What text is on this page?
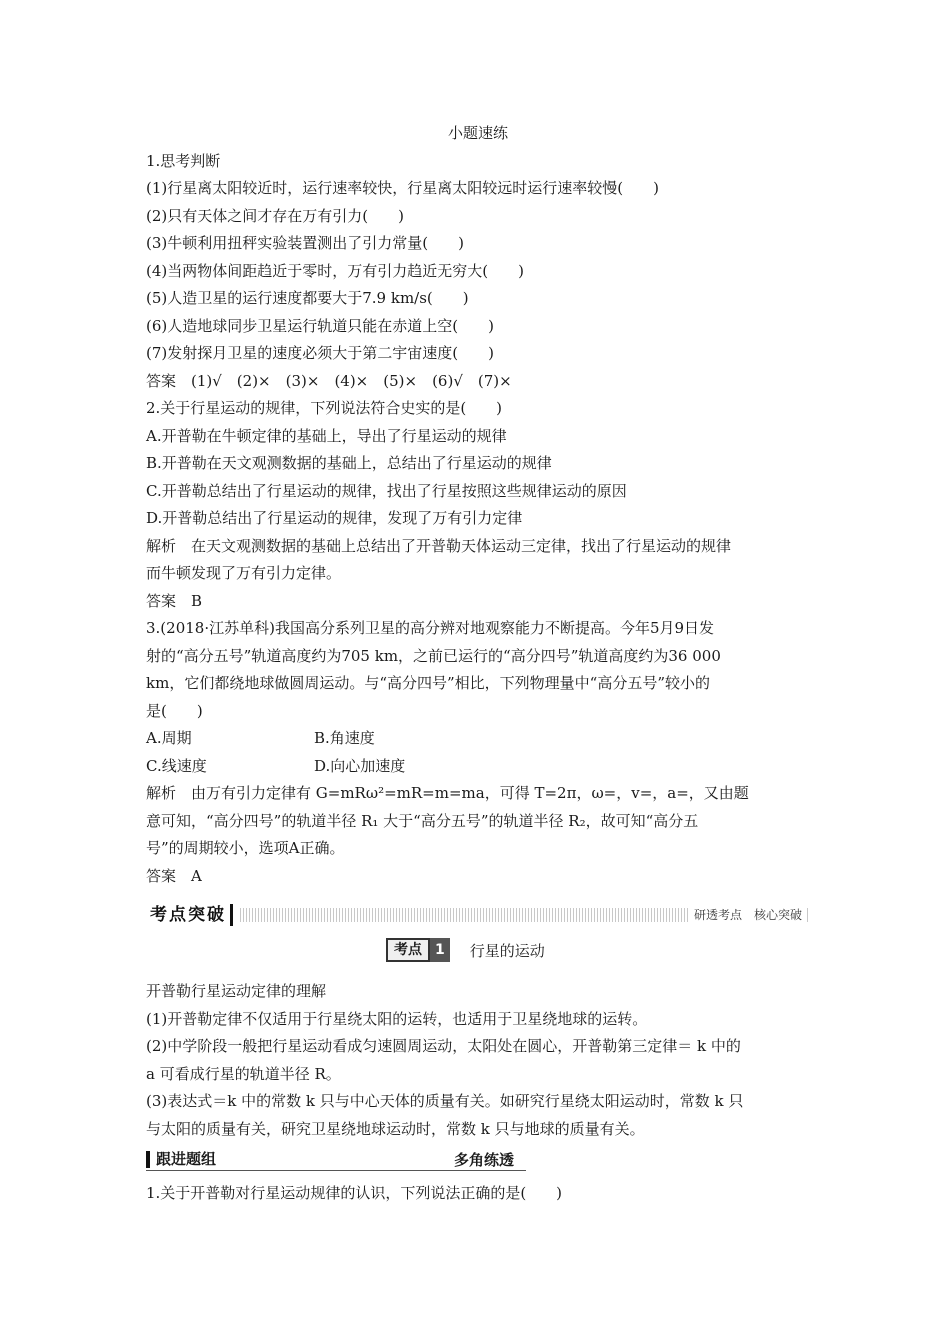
小题速练
1.思考判断
(1)行星离太阳较近时，运行速率较快，行星离太阳较远时运行速率较慢(　　)
(2)只有天体之间才存在万有引力(　　)
(3)牛顿利用扭秤实验装置测出了引力常量(　　)
(4)当两物体间距趋近于零时，万有引力趋近无穷大(　　)
(5)人造卫星的运行速度都要大于7.9 km/s(　　)
(6)人造地球同步卫星运行轨道只能在赤道上空(　　)
(7)发射探月卫星的速度必须大于第二宇宙速度(　　)
答案　(1)√　(2)×　(3)×　(4)×　(5)×　(6)√　(7)×
2.关于行星运动的规律，下列说法符合史实的是(　　)
A.开普勒在牛顿定律的基础上，导出了行星运动的规律
B.开普勒在天文观测数据的基础上，总结出了行星运动的规律
C.开普勒总结出了行星运动的规律，找出了行星按照这些规律运动的原因
D.开普勒总结出了行星运动的规律，发现了万有引力定律
解析　在天文观测数据的基础上总结出了开普勒天体运动三定律，找出了行星运动的规律
而牛顿发现了万有引力定律。
答案　B
3.(2018·江苏单科)我国高分系列卫星的高分辨对地观察能力不断提高。今年5月9日发
射的“高分五号”轨道高度约为705 km，之前已运行的“高分四号”轨道高度约为36 000
km，它们都绕地球做圆周运动。与“高分四号”相比，下列物理量中“高分五号”较小的
是(　　)
A.周期	B.角速度
C.线速度	D.向心加速度
解析　由万有引力定律有 G=mRω²=mR=m=ma，可得 T=2π，ω=，v=，a=，又由题
意可知，“高分四号”的轨道半径 R₁ 大于“高分五号”的轨道半径 R₂，故可知“高分五
号”的周期较小，选项A正确。
答案　A
考点突破	研透考点　核心突破
考点 1	行星的运动
开普勒行星运动定律的理解
(1)开普勒定律不仅适用于行星绕太阳的运转，也适用于卫星绕地球的运转。
(2)中学阶段一般把行星运动看成匀速圆周运动，太阳处在圆心，开普勒第三定律＝ k 中的
a 可看成行星的轨道半径 R。
(3)表达式＝k 中的常数 k 只与中心天体的质量有关。如研究行星绕太阳运动时，常数 k 只
与太阳的质量有关，研究卫星绕地球运动时，常数 k 只与地球的质量有关。
跟进题组	多角练透
1.关于开普勒对行星运动规律的认识，下列说法正确的是(　　)
